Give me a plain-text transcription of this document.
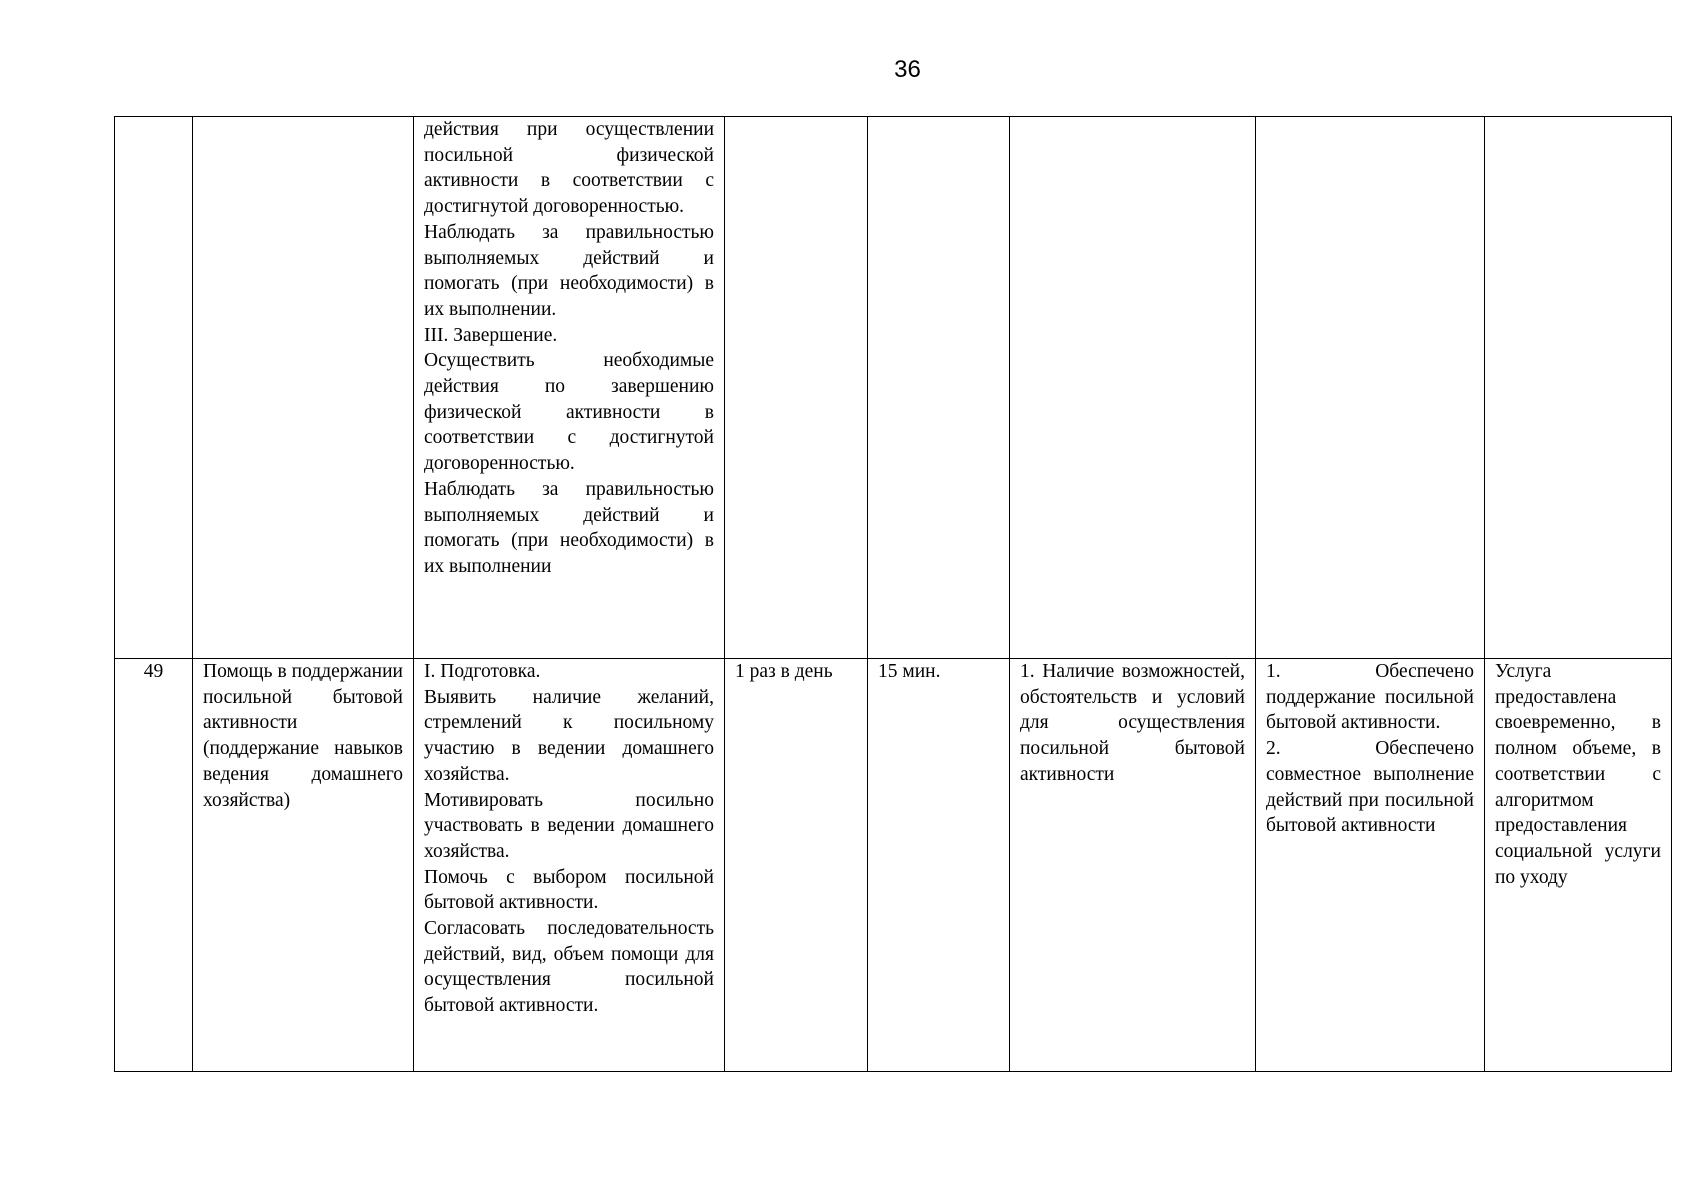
36

		действия при осуществлении посильной физической активности в соответствии с достигнутой договоренностью.
Наблюдать за правильностью выполняемых действий и помогать (при необходимости) в их выполнении.
III. Завершение.
Осуществить необходимые действия по завершению физической активности в соответствии с достигнутой договоренностью.
Наблюдать за правильностью выполняемых действий и помогать (при необходимости) в их выполнении					

49	Помощь в поддержании посильной бытовой активности (поддержание навыков ведения домашнего хозяйства)	I. Подготовка.
Выявить наличие желаний, стремлений к посильному участию в ведении домашнего хозяйства.
Мотивировать посильно участвовать в ведении домашнего хозяйства.
Помочь с выбором посильной бытовой активности.
Согласовать последовательность действий, вид, объем помощи для осуществления посильной бытовой активности.	1 раз в день	15 мин.	1. Наличие возможностей, обстоятельств и условий для осуществления посильной бытовой активности	1. Обеспечено поддержание посильной бытовой активности.
2. Обеспечено совместное выполнение действий при посильной бытовой активности	Услуга предоставлена своевременно, в полном объеме, в соответствии с алгоритмом предоставления социальной услуги по уходу
